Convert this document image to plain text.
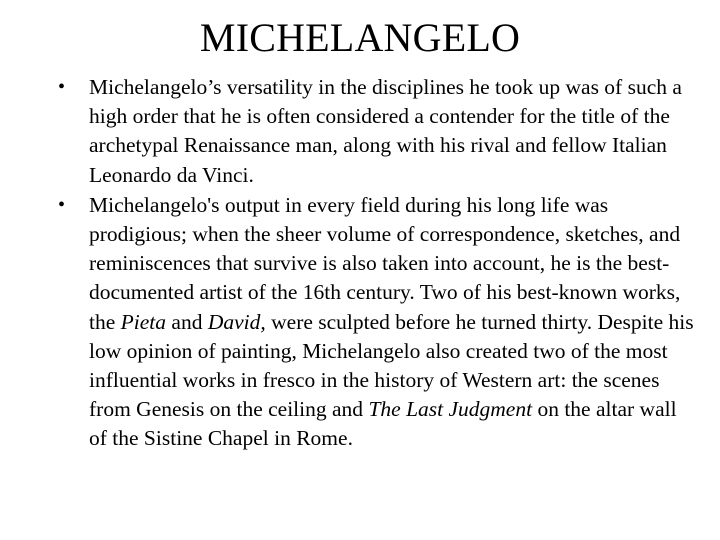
MICHELANGELO
• Michelangelo’s versatility in the disciplines he took up was of such a high order that he is often considered a contender for the title of the archetypal Renaissance man, along with his rival and fellow Italian Leonardo da Vinci.
• Michelangelo's output in every field during his long life was prodigious; when the sheer volume of correspondence, sketches, and reminiscences that survive is also taken into account, he is the best-documented artist of the 16th century. Two of his best-known works, the Pieta and David, were sculpted before he turned thirty. Despite his low opinion of painting, Michelangelo also created two of the most influential works in fresco in the history of Western art: the scenes from Genesis on the ceiling and The Last Judgment on the altar wall of the Sistine Chapel in Rome.
